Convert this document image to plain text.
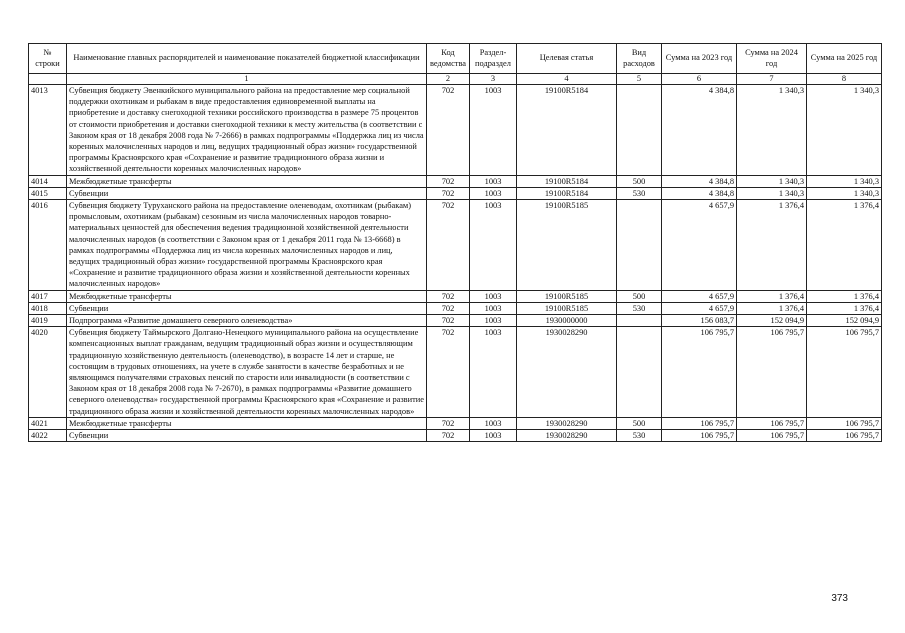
№ строки	Наименование главных распорядителей и наименование показателей бюджетной классификации	Код ведомства	Раздел-подраздел	Целевая статья	Вид расходов	Сумма на 2023 год	Сумма на 2024 год	Сумма на 2025 год
	1	2	3	4	5	6	7	8
4013	Субвенция бюджету Эвенкийского муниципального района на предоставление мер социальной поддержки охотникам и рыбакам в виде предоставления единовременной выплаты на приобретение и доставку снегоходной техники российского производства в размере 75 процентов от стоимости приобретения и доставки снегоходной техники к месту жительства (в соответствии с Законом края от 18 декабря 2008 года № 7-2666) в рамках подпрограммы «Поддержка лиц из числа коренных малочисленных народов и лиц, ведущих традиционный образ жизни» государственной программы Красноярского края «Сохранение и развитие традиционного образа жизни и хозяйственной деятельности коренных малочисленных народов»	702	1003	19100R5184		4 384,8	1 340,3	1 340,3
4014	Межбюджетные трансферты	702	1003	19100R5184	500	4 384,8	1 340,3	1 340,3
4015	Субвенции	702	1003	19100R5184	530	4 384,8	1 340,3	1 340,3
4016	Субвенция бюджету Туруханского района на предоставление оленеводам, охотникам (рыбакам) промысловым, охотникам (рыбакам) сезонным из числа малочисленных народов товарно-материальных ценностей для обеспечения ведения традиционной хозяйственной деятельности малочисленных народов (в соответствии с Законом края от 1 декабря 2011 года № 13-6668) в рамках подпрограммы «Поддержка лиц из числа коренных малочисленных народов и лиц, ведущих традиционный образ жизни» государственной программы Красноярского края «Сохранение и развитие традиционного образа жизни и хозяйственной деятельности коренных малочисленных народов»	702	1003	19100R5185		4 657,9	1 376,4	1 376,4
4017	Межбюджетные трансферты	702	1003	19100R5185	500	4 657,9	1 376,4	1 376,4
4018	Субвенции	702	1003	19100R5185	530	4 657,9	1 376,4	1 376,4
4019	Подпрограмма «Развитие домашнего северного оленеводства»	702	1003	1930000000		156 083,7	152 094,9	152 094,9
4020	Субвенция бюджету Таймырского Долгано-Ненецкого муниципального района на осуществление компенсационных выплат гражданам, ведущим традиционный образ жизни и осуществляющим традиционную хозяйственную деятельность (оленеводство), в возрасте 14 лет и старше, не состоящим в трудовых отношениях, на учете в службе занятости в качестве безработных и не являющимся получателями страховых пенсий по старости или инвалидности (в соответствии с Законом края от 18 декабря 2008 года № 7-2670), в рамках подпрограммы «Развитие домашнего северного оленеводства» государственной программы Красноярского края «Сохранение и развитие традиционного образа жизни и хозяйственной деятельности коренных малочисленных народов»	702	1003	1930028290		106 795,7	106 795,7	106 795,7
4021	Межбюджетные трансферты	702	1003	1930028290	500	106 795,7	106 795,7	106 795,7
4022	Субвенции	702	1003	1930028290	530	106 795,7	106 795,7	106 795,7
373
